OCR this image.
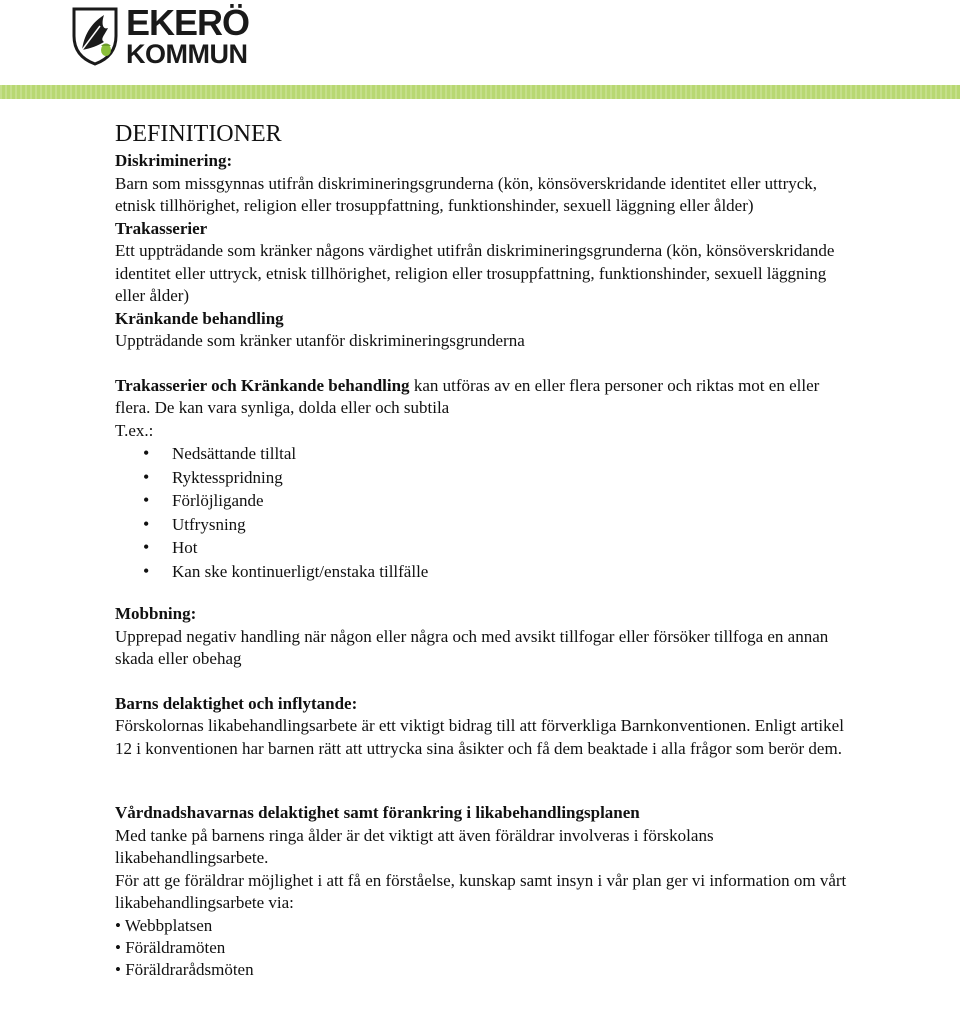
EKERÖ
KOMMUN
DEFINITIONER

Diskriminering:

Barn som missgynnas utifrån diskrimineringsgrunderna (kön, könsöverskridande identitet eller uttryck, etnisk tillhörighet, religion eller trosuppfattning, funktionshinder, sexuell läggning eller ålder)

Trakasserier

Ett uppträdande som kränker någons värdighet utifrån diskrimineringsgrunderna (kön, könsöverskridande identitet eller uttryck, etnisk tillhörighet, religion eller trosuppfattning, funktionshinder, sexuell läggning eller ålder)

Kränkande behandling

Uppträdande som kränker utanför diskrimineringsgrunderna

Trakasserier och Kränkande behandling kan utföras av en eller flera personer och riktas mot en eller flera. De kan vara synliga, dolda eller och subtila

T.ex.:

• Nedsättande tilltal
• Ryktesspridning
• Förlöjligande
• Utfrysning
• Hot
• Kan ske kontinuerligt/enstaka tillfälle

Mobbning:

Upprepad negativ handling när någon eller några och med avsikt tillfogar eller försöker tillfoga en annan skada eller obehag

Barns delaktighet och inflytande:

Förskolornas likabehandlingsarbete är ett viktigt bidrag till att förverkliga Barnkonventionen. Enligt artikel 12 i konventionen har barnen rätt att uttrycka sina åsikter och få dem beaktade i alla frågor som berör dem.

Vårdnadshavarnas delaktighet samt förankring i likabehandlingsplanen

Med tanke på barnens ringa ålder är det viktigt att även föräldrar involveras i förskolans likabehandlingsarbete.

För att ge föräldrar möjlighet i att få en förståelse, kunskap samt insyn i vår plan ger vi information om vårt likabehandlingsarbete via:

• Webbplatsen
• Föräldramöten
• Föräldrarådsmöten
